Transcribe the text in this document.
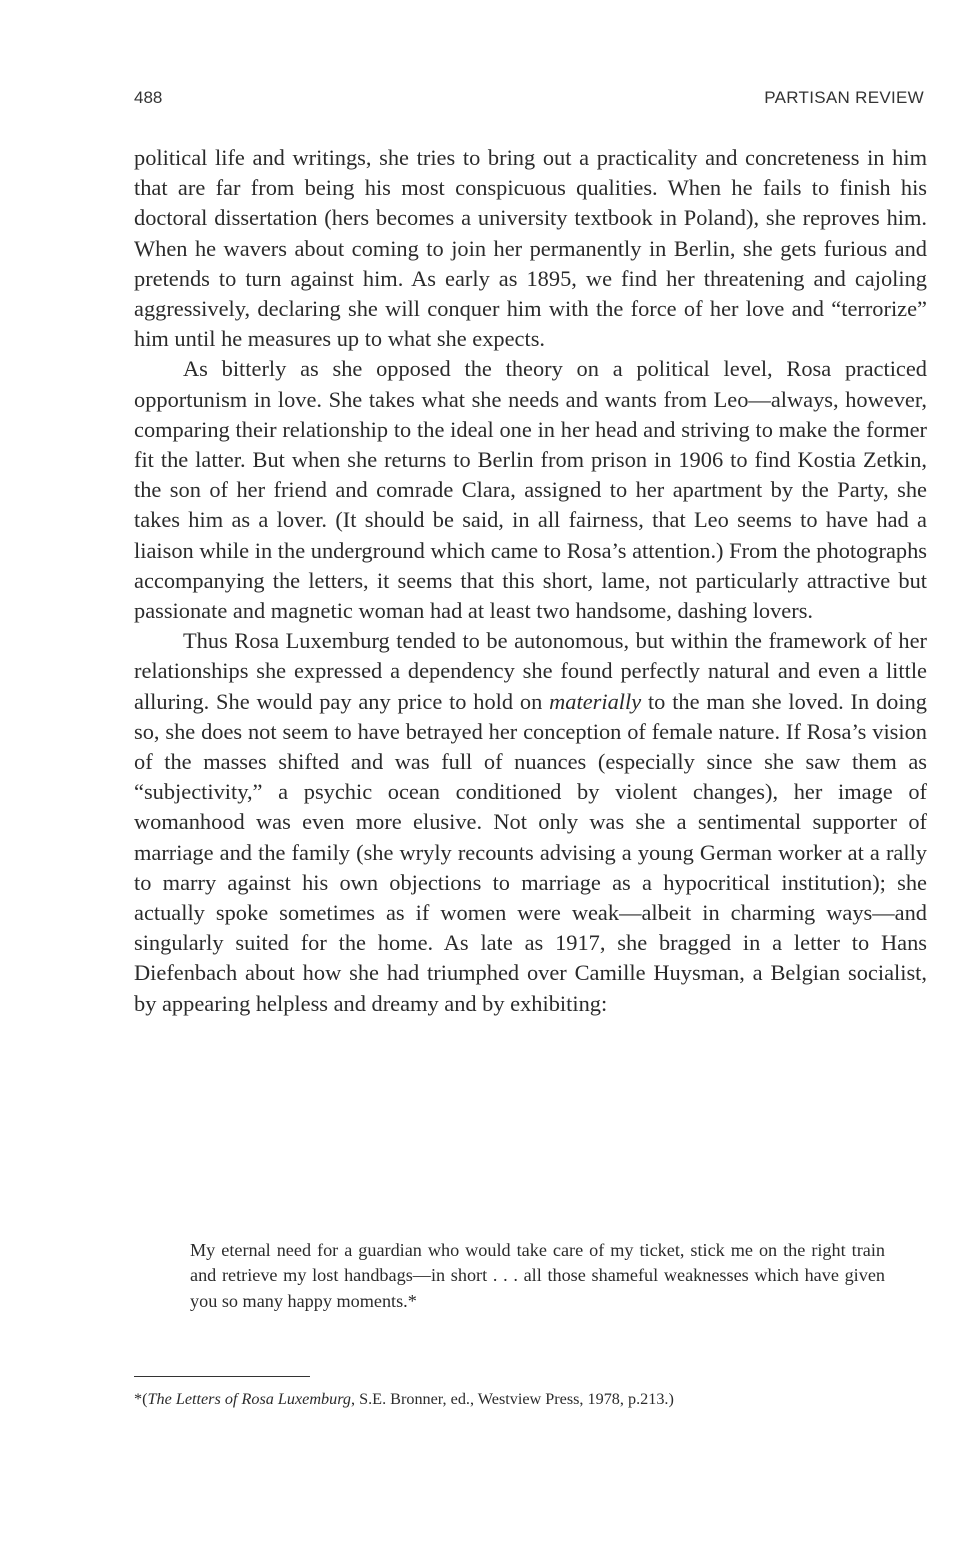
488	PARTISAN REVIEW

political life and writings, she tries to bring out a practicality and concreteness in him that are far from being his most conspicuous qualities. When he fails to finish his doctoral dissertation (hers becomes a university textbook in Poland), she reproves him. When he wavers about coming to join her permanently in Berlin, she gets furious and pretends to turn against him. As early as 1895, we find her threatening and cajoling aggressively, declaring she will conquer him with the force of her love and “terrorize” him until he measures up to what she expects.

As bitterly as she opposed the theory on a political level, Rosa practiced opportunism in love. She takes what she needs and wants from Leo—always, however, comparing their relationship to the ideal one in her head and striving to make the former fit the latter. But when she returns to Berlin from prison in 1906 to find Kostia Zetkin, the son of her friend and comrade Clara, assigned to her apartment by the Party, she takes him as a lover. (It should be said, in all fairness, that Leo seems to have had a liaison while in the underground which came to Rosa’s attention.) From the photographs accompanying the letters, it seems that this short, lame, not particularly attractive but passionate and magnetic woman had at least two handsome, dashing lovers.

Thus Rosa Luxemburg tended to be autonomous, but within the framework of her relationships she expressed a dependency she found perfectly natural and even a little alluring. She would pay any price to hold on materially to the man she loved. In doing so, she does not seem to have betrayed her conception of female nature. If Rosa’s vision of the masses shifted and was full of nuances (especially since she saw them as “subjectivity,” a psychic ocean conditioned by violent changes), her image of womanhood was even more elusive. Not only was she a sentimental supporter of marriage and the family (she wryly recounts advising a young German worker at a rally to marry against his own objections to marriage as a hypocritical institution); she actually spoke sometimes as if women were weak—albeit in charming ways—and singularly suited for the home. As late as 1917, she bragged in a letter to Hans Diefenbach about how she had triumphed over Camille Huysman, a Belgian socialist, by appearing helpless and dreamy and by exhibiting:

My eternal need for a guardian who would take care of my ticket, stick me on the right train and retrieve my lost handbags—in short . . . all those shameful weaknesses which have given you so many happy moments.*

*(The Letters of Rosa Luxemburg, S.E. Bronner, ed., Westview Press, 1978, p.213.)
